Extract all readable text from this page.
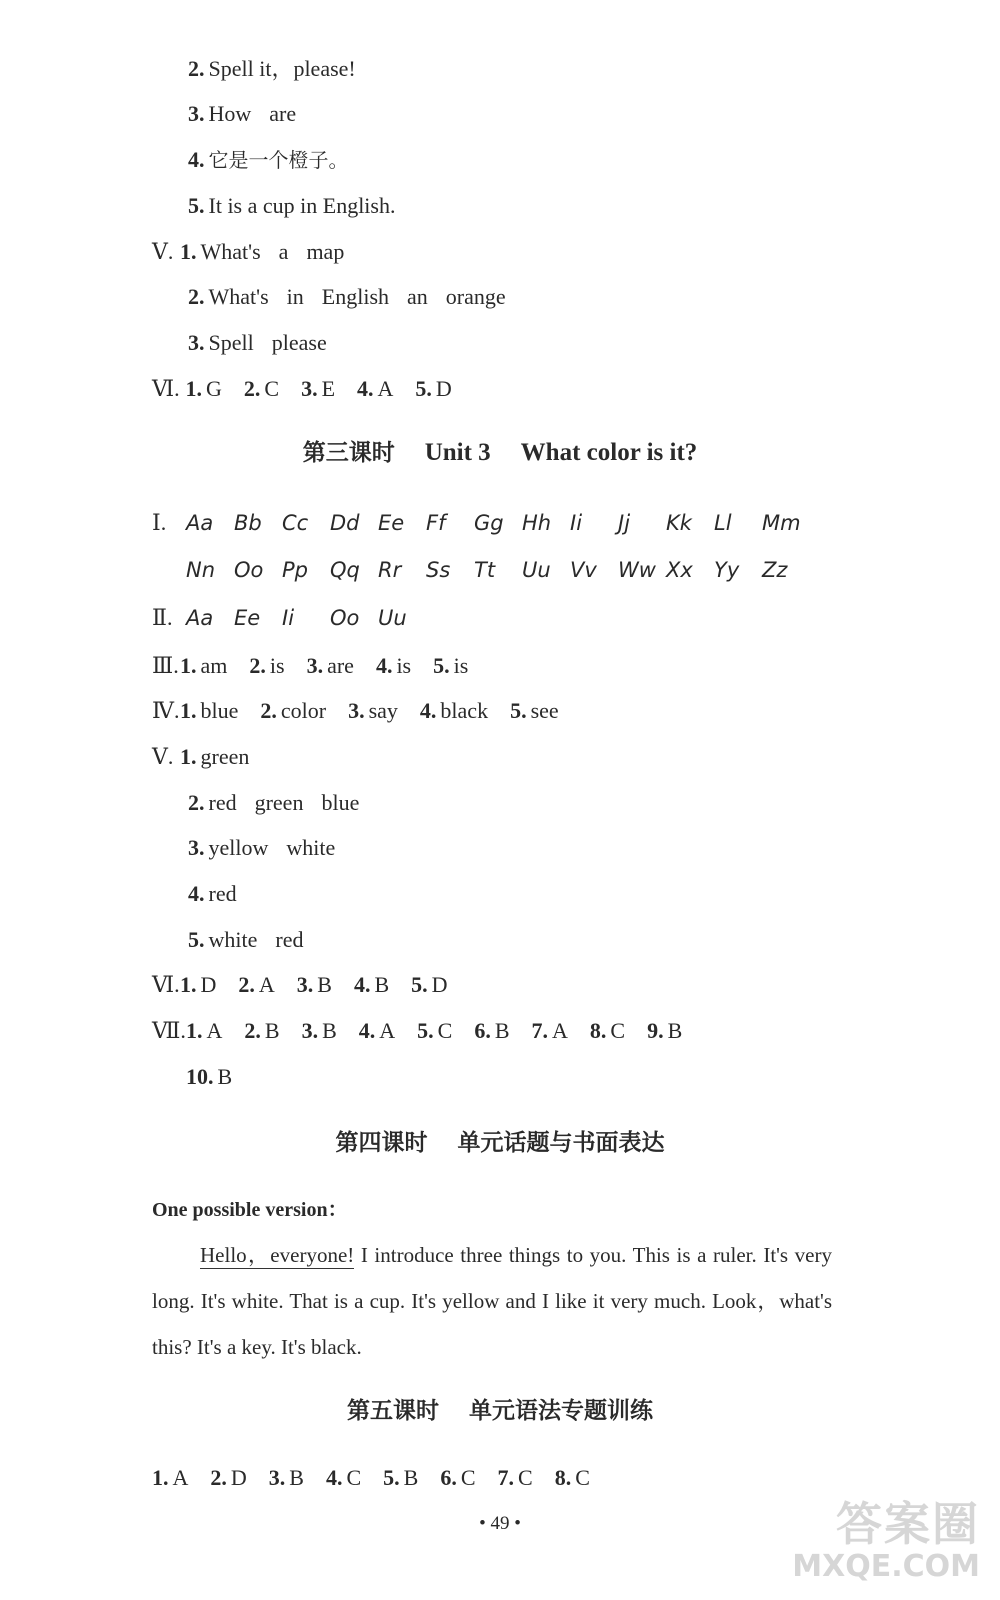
2. Spell it，please!
3. How are
4. 它是一个橙子。
5. It is a cup in English.
Ⅴ. 1. What's a map
2. What's in English an orange
3. Spell please
Ⅵ. 1. G 2. C 3. E 4. A 5. D
第三课时 Unit 3 What color is it?
Ⅰ. Aa Bb Cc Dd Ee Ff Gg Hh Ii Jj Kk Ll Mm
Nn Oo Pp Qq Rr Ss Tt Uu Vv Ww Xx Yy Zz
Ⅱ. Aa Ee Ii Oo Uu
Ⅲ.1. am 2. is 3. are 4. is 5. is
Ⅳ.1. blue 2. color 3. say 4. black 5. see
Ⅴ. 1. green
2. red green blue
3. yellow white
4. red
5. white red
Ⅵ.1. D 2. A 3. B 4. B 5. D
Ⅶ.1. A 2. B 3. B 4. A 5. C 6. B 7. A 8. C 9. B
10. B
第四课时 单元话题与书面表达
One possible version：
Hello，everyone! I introduce three things to you. This is a ruler. It's very long. It's white. That is a cup. It's yellow and I like it very much. Look，what's this? It's a key. It's black.
第五课时 单元语法专题训练
1. A 2. D 3. B 4. C 5. B 6. C 7. C 8. C
• 49 •	答案圈
MXQE.COM
